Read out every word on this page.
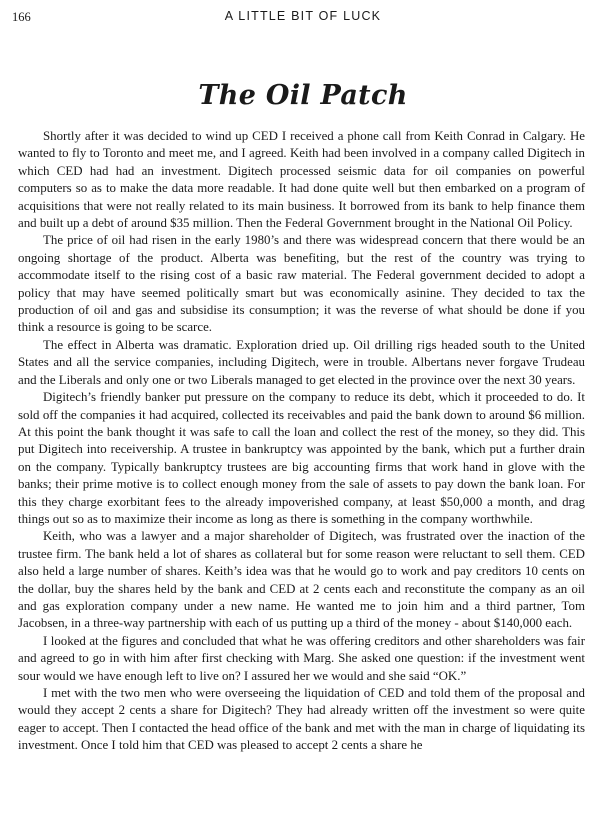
166	A LITTLE BIT OF LUCK
The Oil Patch

Shortly after it was decided to wind up CED I received a phone call from Keith Conrad in Calgary. He wanted to fly to Toronto and meet me, and I agreed. Keith had been involved in a company called Digitech in which CED had had an investment. Digitech processed seismic data for oil companies on powerful computers so as to make the data more readable. It had done quite well but then embarked on a program of acquisitions that were not really related to its main business. It borrowed from its bank to help finance them and built up a debt of around $35 million. Then the Federal Government brought in the National Oil Policy.

The price of oil had risen in the early 1980’s and there was widespread concern that there would be an ongoing shortage of the product. Alberta was benefiting, but the rest of the country was trying to accommodate itself to the rising cost of a basic raw material. The Federal government decided to adopt a policy that may have seemed politically smart but was economically asinine. They decided to tax the production of oil and gas and subsidise its consumption; it was the reverse of what should be done if you think a resource is going to be scarce.

The effect in Alberta was dramatic. Exploration dried up. Oil drilling rigs headed south to the United States and all the service companies, including Digitech, were in trouble. Albertans never forgave Trudeau and the Liberals and only one or two Liberals managed to get elected in the province over the next 30 years.

Digitech’s friendly banker put pressure on the company to reduce its debt, which it proceeded to do. It sold off the companies it had acquired, collected its receivables and paid the bank down to around $6 million. At this point the bank thought it was safe to call the loan and collect the rest of the money, so they did. This put Digitech into receivership. A trustee in bankruptcy was appointed by the bank, which put a further drain on the company. Typically bankruptcy trustees are big accounting firms that work hand in glove with the banks; their prime motive is to collect enough money from the sale of assets to pay down the bank loan. For this they charge exorbitant fees to the already impoverished company, at least $50,000 a month, and drag things out so as to maximize their income as long as there is something in the company worthwhile.

Keith, who was a lawyer and a major shareholder of Digitech, was frustrated over the inaction of the trustee firm. The bank held a lot of shares as collateral but for some reason were reluctant to sell them. CED also held a large number of shares. Keith’s idea was that he would go to work and pay creditors 10 cents on the dollar, buy the shares held by the bank and CED at 2 cents each and reconstitute the company as an oil and gas exploration company under a new name. He wanted me to join him and a third partner, Tom Jacobsen, in a three-way partnership with each of us putting up a third of the money - about $140,000 each.

I looked at the figures and concluded that what he was offering creditors and other shareholders was fair and agreed to go in with him after first checking with Marg. She asked one question: if the investment went sour would we have enough left to live on? I assured her we would and she said “OK.”

I met with the two men who were overseeing the liquidation of CED and told them of the proposal and would they accept 2 cents a share for Digitech? They had already written off the investment so were quite eager to accept. Then I contacted the head office of the bank and met with the man in charge of liquidating its investment. Once I told him that CED was pleased to accept 2 cents a share he
